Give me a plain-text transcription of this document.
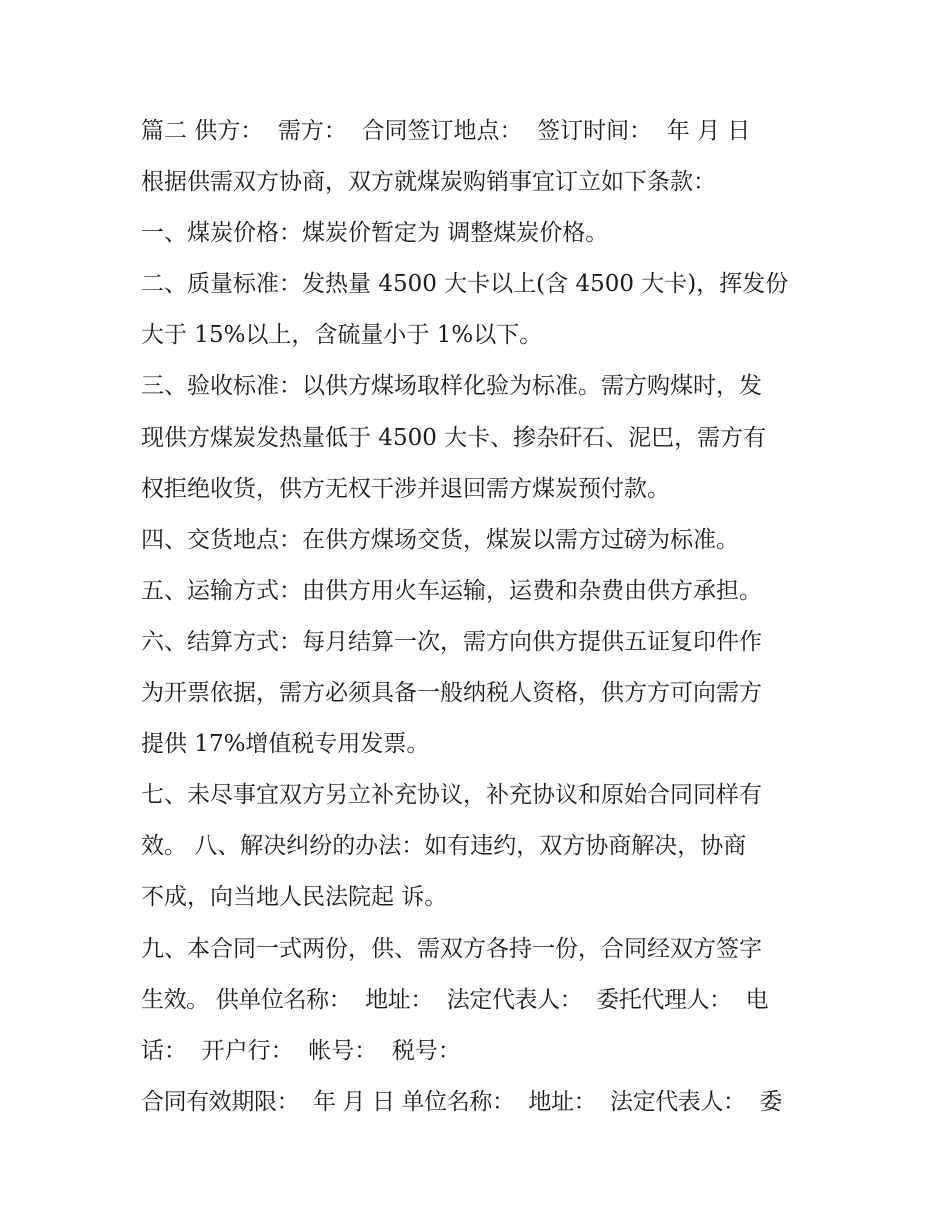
篇二 供方：  需方：  合同签订地点：  签订时间：  年 月 日
根据供需双方协商，双方就煤炭购销事宜订立如下条款：
一、煤炭价格：煤炭价暂定为 调整煤炭价格。
二、质量标准：发热量 4500 大卡以上(含 4500 大卡)，挥发份
大于 15%以上，含硫量小于 1%以下。
三、验收标准：以供方煤场取样化验为标准。需方购煤时，发
现供方煤炭发热量低于 4500 大卡、掺杂矸石、泥巴，需方有
权拒绝收货，供方无权干涉并退回需方煤炭预付款。
四、交货地点：在供方煤场交货，煤炭以需方过磅为标准。
五、运输方式：由供方用火车运输，运费和杂费由供方承担。
六、结算方式：每月结算一次，需方向供方提供五证复印件作
为开票依据，需方必须具备一般纳税人资格，供方方可向需方
提供 17%增值税专用发票。
七、未尽事宜双方另立补充协议，补充协议和原始合同同样有
效。 八、解决纠纷的办法：如有违约，双方协商解决，协商
不成，向当地人民法院起 诉。
九、本合同一式两份，供、需双方各持一份，合同经双方签字
生效。 供单位名称：  地址：  法定代表人：  委托代理人：  电
话：  开户行：  帐号：  税号：
合同有效期限：  年 月 日 单位名称：  地址：  法定代表人：  委
